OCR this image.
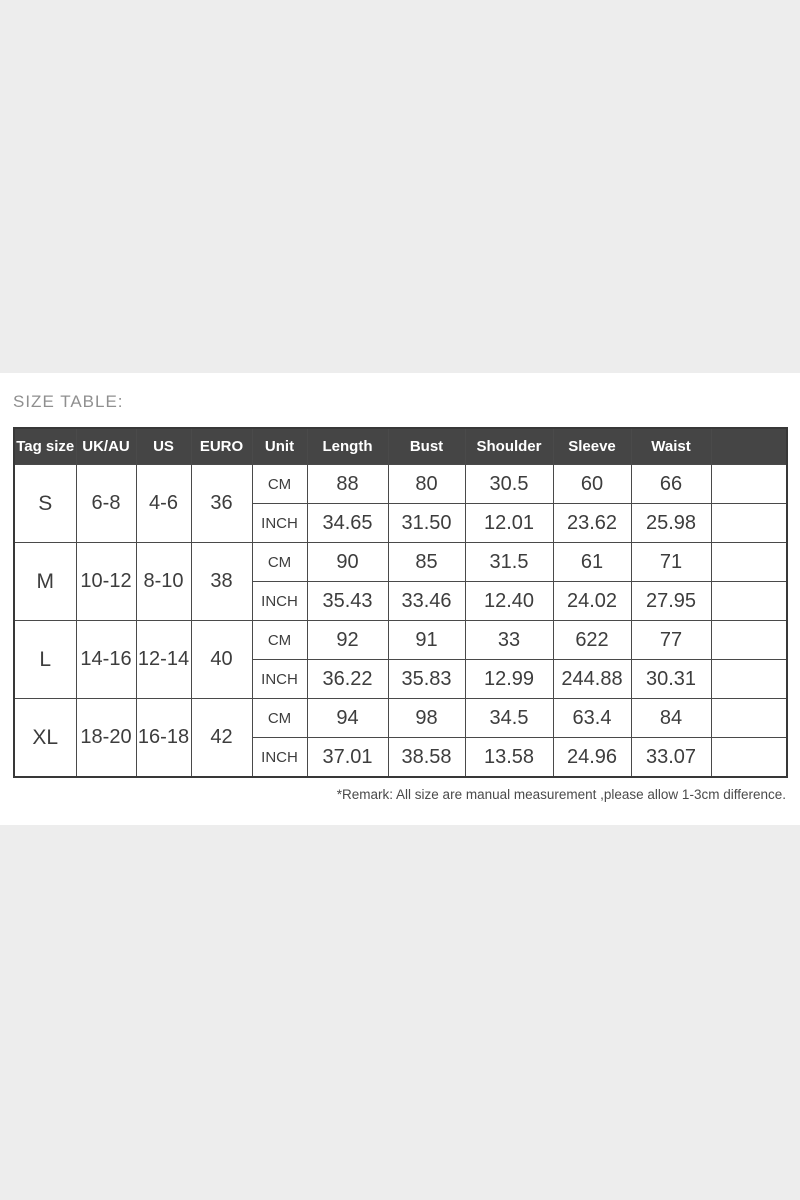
SIZE TABLE:
Tag size	UK/AU	US	EURO	Unit	Length	Bust	Shoulder	Sleeve	Waist	
S	6-8	4-6	36	CM	88	80	30.5	60	66	
				INCH	34.65	31.50	12.01	23.62	25.98	
M	10-12	8-10	38	CM	90	85	31.5	61	71	
				INCH	35.43	33.46	12.40	24.02	27.95	
L	14-16	12-14	40	CM	92	91	33	622	77	
				INCH	36.22	35.83	12.99	244.88	30.31	
XL	18-20	16-18	42	CM	94	98	34.5	63.4	84	
				INCH	37.01	38.58	13.58	24.96	33.07	
*Remark: All size are manual measurement ,please allow 1-3cm difference.
